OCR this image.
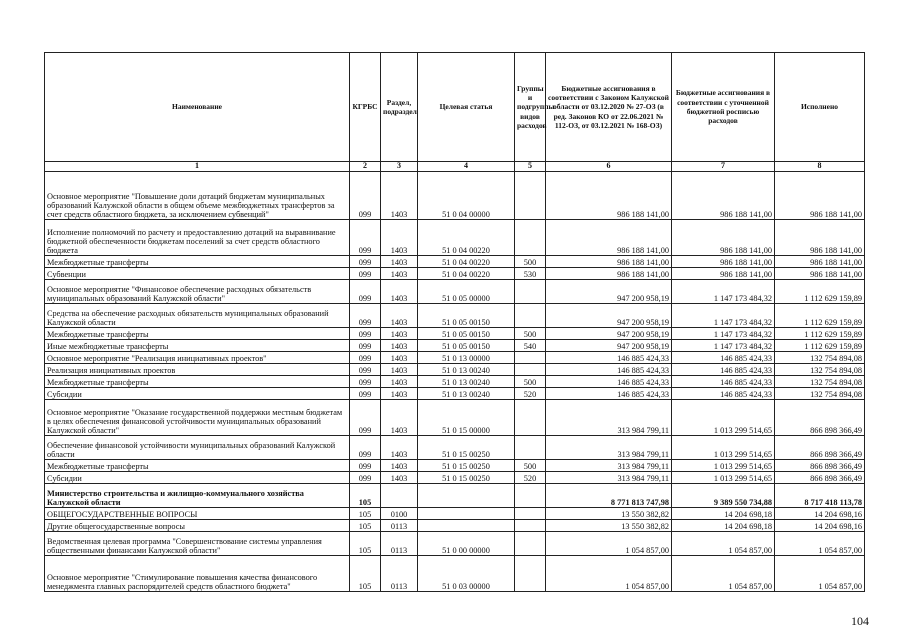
Наименование	КГРБС	Раздел, подраздел	Целевая статья	Группы и подгруппы видов расходов	Бюджетные ассигнования в соответствии с Законом Калужской области от 03.12.2020 № 27-ОЗ (в ред. Законов КО от 22.06.2021 № 112-ОЗ, от 03.12.2021 № 168-ОЗ)	Бюджетные ассигнования в соответствии с уточненной бюджетной росписью расходов	Исполнено
1	2	3	4	5	6	7	8
Основное мероприятие "Повышение доли дотаций бюджетам муниципальных образований Калужской области в общем объеме межбюджетных трансфертов за счет средств областного бюджета, за исключением субвенций"	099	1403	51 0 04 00000		986 188 141,00	986 188 141,00	986 188 141,00
Исполнение полномочий по расчету и предоставлению дотаций на выравнивание бюджетной обеспеченности бюджетам поселений за счет средств областного бюджета	099	1403	51 0 04 00220		986 188 141,00	986 188 141,00	986 188 141,00
Межбюджетные трансферты	099	1403	51 0 04 00220	500	986 188 141,00	986 188 141,00	986 188 141,00
Субвенции	099	1403	51 0 04 00220	530	986 188 141,00	986 188 141,00	986 188 141,00
Основное мероприятие "Финансовое обеспечение расходных обязательств муниципальных образований Калужской области"	099	1403	51 0 05 00000		947 200 958,19	1 147 173 484,32	1 112 629 159,89
Средства на обеспечение расходных обязательств муниципальных образований Калужской области	099	1403	51 0 05 00150		947 200 958,19	1 147 173 484,32	1 112 629 159,89
Межбюджетные трансферты	099	1403	51 0 05 00150	500	947 200 958,19	1 147 173 484,32	1 112 629 159,89
Иные межбюджетные трансферты	099	1403	51 0 05 00150	540	947 200 958,19	1 147 173 484,32	1 112 629 159,89
Основное мероприятие "Реализация инициативных проектов"	099	1403	51 0 13 00000		146 885 424,33	146 885 424,33	132 754 894,08
Реализация инициативных проектов	099	1403	51 0 13 00240		146 885 424,33	146 885 424,33	132 754 894,08
Межбюджетные трансферты	099	1403	51 0 13 00240	500	146 885 424,33	146 885 424,33	132 754 894,08
Субсидии	099	1403	51 0 13 00240	520	146 885 424,33	146 885 424,33	132 754 894,08
Основное мероприятие "Оказание государственной поддержки местным бюджетам в целях обеспечения финансовой устойчивости муниципальных образований Калужской области"	099	1403	51 0 15 00000		313 984 799,11	1 013 299 514,65	866 898 366,49
Обеспечение финансовой устойчивости муниципальных образований Калужской области	099	1403	51 0 15 00250		313 984 799,11	1 013 299 514,65	866 898 366,49
Межбюджетные трансферты	099	1403	51 0 15 00250	500	313 984 799,11	1 013 299 514,65	866 898 366,49
Субсидии	099	1403	51 0 15 00250	520	313 984 799,11	1 013 299 514,65	866 898 366,49
Министерство строительства и жилищно-коммунального хозяйства Калужской области	105				8 771 813 747,98	9 389 550 734,88	8 717 418 113,78
ОБЩЕГОСУДАРСТВЕННЫЕ ВОПРОСЫ	105	0100			13 550 382,82	14 204 698,18	14 204 698,16
Другие общегосударственные вопросы	105	0113			13 550 382,82	14 204 698,18	14 204 698,16
Ведомственная целевая программа "Совершенствование системы управления общественными финансами Калужской области"	105	0113	51 0 00 00000		1 054 857,00	1 054 857,00	1 054 857,00
Основное мероприятие "Стимулирование повышения качества финансового менеджмента главных распорядителей средств областного бюджета"	105	0113	51 0 03 00000		1 054 857,00	1 054 857,00	1 054 857,00
104
